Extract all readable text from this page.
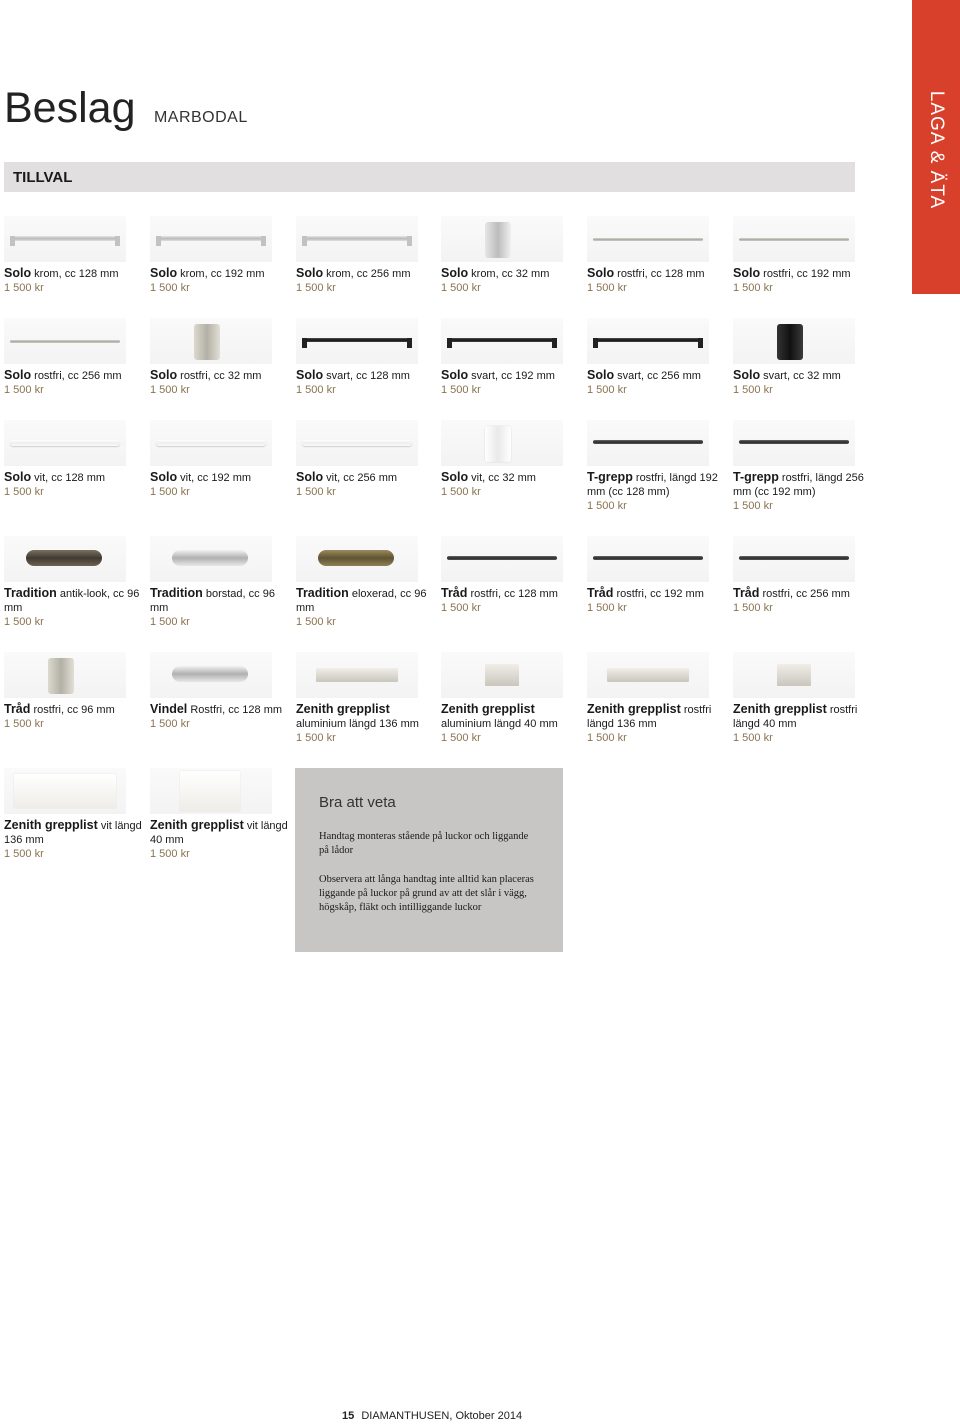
LAGA & ÄTA
Beslag MARBODAL
TILLVAL
Solo krom, cc 128 mm
1 500 kr
Solo krom, cc 192 mm
1 500 kr
Solo krom, cc 256 mm
1 500 kr
Solo krom, cc 32 mm
1 500 kr
Solo rostfri, cc 128 mm
1 500 kr
Solo rostfri, cc 192 mm
1 500 kr
Solo rostfri, cc 256 mm
1 500 kr
Solo rostfri, cc 32 mm
1 500 kr
Solo svart, cc 128 mm
1 500 kr
Solo svart, cc 192 mm
1 500 kr
Solo svart, cc 256 mm
1 500 kr
Solo svart, cc 32 mm
1 500 kr
Solo vit, cc 128 mm
1 500 kr
Solo vit, cc 192 mm
1 500 kr
Solo vit, cc 256 mm
1 500 kr
Solo vit, cc 32 mm
1 500 kr
T-grepp rostfri, längd 192 mm (cc 128 mm)
1 500 kr
T-grepp rostfri, längd 256 mm (cc 192 mm)
1 500 kr
Tradition antik-look, cc 96 mm
1 500 kr
Tradition borstad, cc 96 mm
1 500 kr
Tradition eloxerad, cc 96 mm
1 500 kr
Tråd rostfri, cc 128 mm
1 500 kr
Tråd rostfri, cc 192 mm
1 500 kr
Tråd rostfri, cc 256 mm
1 500 kr
Tråd rostfri, cc 96 mm
1 500 kr
Vindel Rostfri, cc 128 mm
1 500 kr
Zenith grepplist aluminium längd 136 mm
1 500 kr
Zenith grepplist aluminium längd 40 mm
1 500 kr
Zenith grepplist rostfri längd 136 mm
1 500 kr
Zenith grepplist rostfri längd 40 mm
1 500 kr
Zenith grepplist vit längd 136 mm
1 500 kr
Zenith grepplist vit längd 40 mm
1 500 kr
Bra att veta

Handtag monteras stående på luckor och liggande på lådor

Observera att långa handtag inte alltid kan placeras liggande på luckor på grund av att det slår i vägg, högskåp, fläkt och intilliggande luckor

15 DIAMANTHUSEN, Oktober 2014
